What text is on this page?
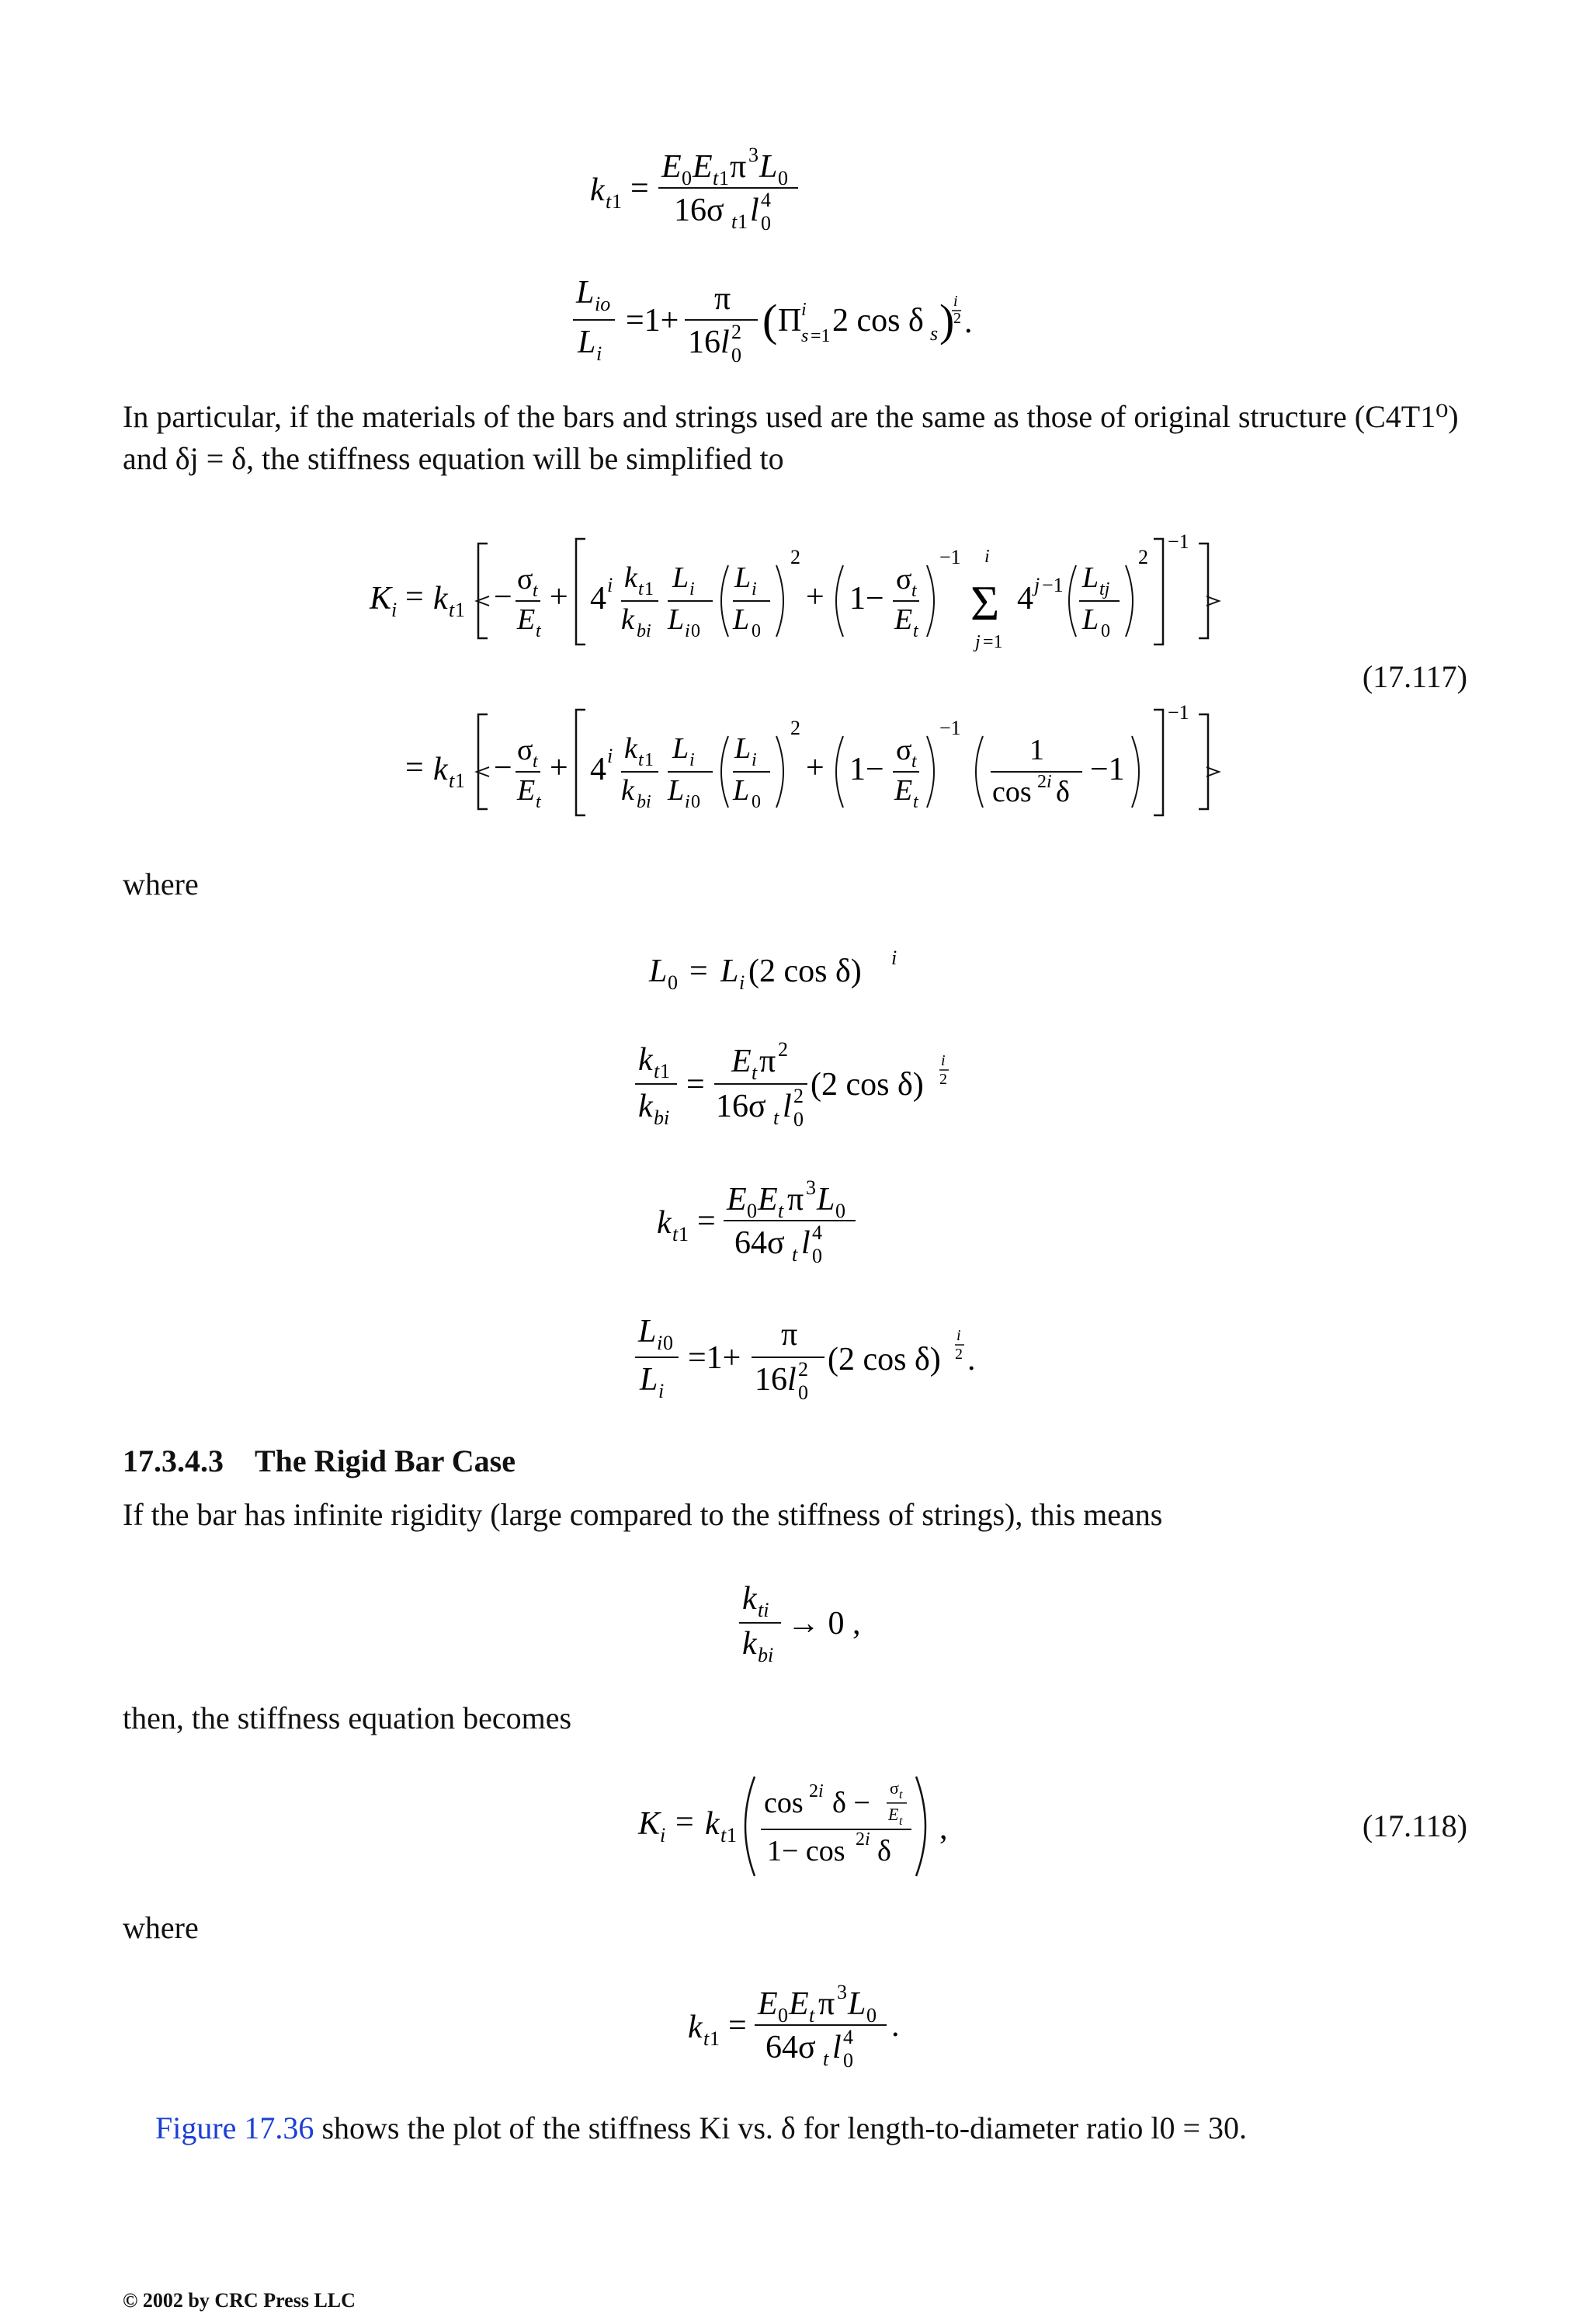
k t 1 =
E 0 E t 1 π 3 L 0
16σ t 1 l 4
0
L io
L i
=1+
π
16 l 2
0
( Π i
s =1 2 cos δ s )
i
2 .
In particular, if the materials of the bars and strings used are the same as those of original structure (C4T1⁰) and δj = δ, the stiffness equation will be simplified to
K i = k t 1 − σ t
E t
+ 4 i k t 1
k bi
L i
L i 0
L i
L 0
2
+ 1−
σ t
E t
−1 i
Σ
j =1
4 j −1 L tj
L 0
2
−1
= k t 1 − σ t
E t
+ 4 i k t 1
k bi
L i
L i 0
L i
L 0
2
+ 1−
σ t
E t
−1
1
cos 2 i δ
−1
−1
(17.117)
where
L 0 = L i (2 cos δ) i
k t 1
k bi
=
E t π 2
16σ t l 2
0
(2 cos δ)
i
2
k t 1 =
E 0 E t π 3 L 0
64σ t l 4
0
L i 0
L i
=1+
π
16 l 2
0
(2 cos δ)
i
2 .
17.3.4.3 The Rigid Bar Case
If the bar has infinite rigidity (large compared to the stiffness of strings), this means
k ti
k bi
→ 0 ,
then, the stiffness equation becomes
K i = k t 1
cos 2 i δ − σ t
E t
1− cos 2 i δ
,	(17.118)
where
k t 1 =
E 0 E t π 3 L 0
64σ t l 4
0
.
Figure 17.36 shows the plot of the stiffness Ki vs. δ for length-to-diameter ratio l0 = 30.
© 2002 by CRC Press LLC
